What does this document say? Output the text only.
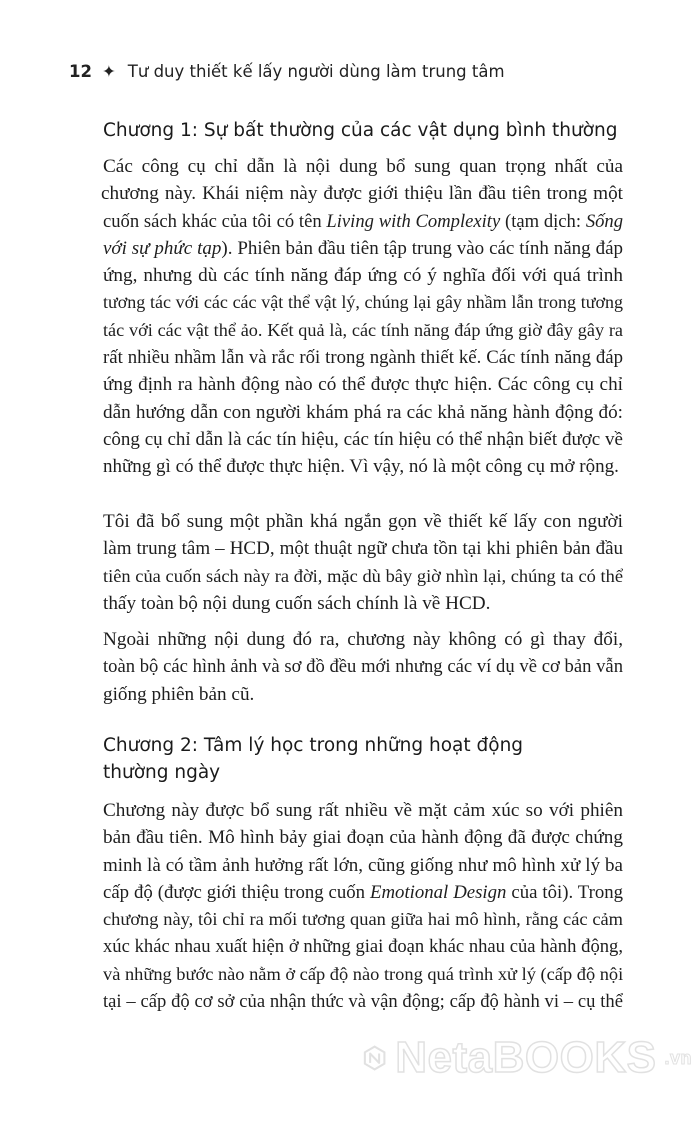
12 ✦ Tư duy thiết kế lấy người dùng làm trung tâm
Chương 1: Sự bất thường của các vật dụng bình thường
Các công cụ chỉ dẫn là nội dung bổ sung quan trọng nhất của
chương này. Khái niệm này được giới thiệu lần đầu tiên trong một
cuốn sách khác của tôi có tên Living with Complexity (tạm dịch: Sống
với sự phức tạp). Phiên bản đầu tiên tập trung vào các tính năng đáp
ứng, nhưng dù các tính năng đáp ứng có ý nghĩa đối với quá trình
tương tác với các các vật thể vật lý, chúng lại gây nhầm lẫn trong tương
tác với các vật thể ảo. Kết quả là, các tính năng đáp ứng giờ đây gây ra
rất nhiều nhầm lẫn và rắc rối trong ngành thiết kế. Các tính năng đáp
ứng định ra hành động nào có thể được thực hiện. Các công cụ chỉ
dẫn hướng dẫn con người khám phá ra các khả năng hành động đó:
công cụ chỉ dẫn là các tín hiệu, các tín hiệu có thể nhận biết được về
những gì có thể được thực hiện. Vì vậy, nó là một công cụ mở rộng.
Tôi đã bổ sung một phần khá ngắn gọn về thiết kế lấy con người
làm trung tâm – HCD, một thuật ngữ chưa tồn tại khi phiên bản đầu
tiên của cuốn sách này ra đời, mặc dù bây giờ nhìn lại, chúng ta có thể
thấy toàn bộ nội dung cuốn sách chính là về HCD.
Ngoài những nội dung đó ra, chương này không có gì thay đổi,
toàn bộ các hình ảnh và sơ đồ đều mới nhưng các ví dụ về cơ bản vẫn
giống phiên bản cũ.
Chương 2: Tâm lý học trong những hoạt động
thường ngày
Chương này được bổ sung rất nhiều về mặt cảm xúc so với phiên
bản đầu tiên. Mô hình bảy giai đoạn của hành động đã được chứng
minh là có tầm ảnh hưởng rất lớn, cũng giống như mô hình xử lý ba
cấp độ (được giới thiệu trong cuốn Emotional Design của tôi). Trong
chương này, tôi chỉ ra mối tương quan giữa hai mô hình, rằng các cảm
xúc khác nhau xuất hiện ở những giai đoạn khác nhau của hành động,
và những bước nào nằm ở cấp độ nào trong quá trình xử lý (cấp độ nội
tại – cấp độ cơ sở của nhận thức và vận động; cấp độ hành vi – cụ thể
NetaBOOKS .vn
